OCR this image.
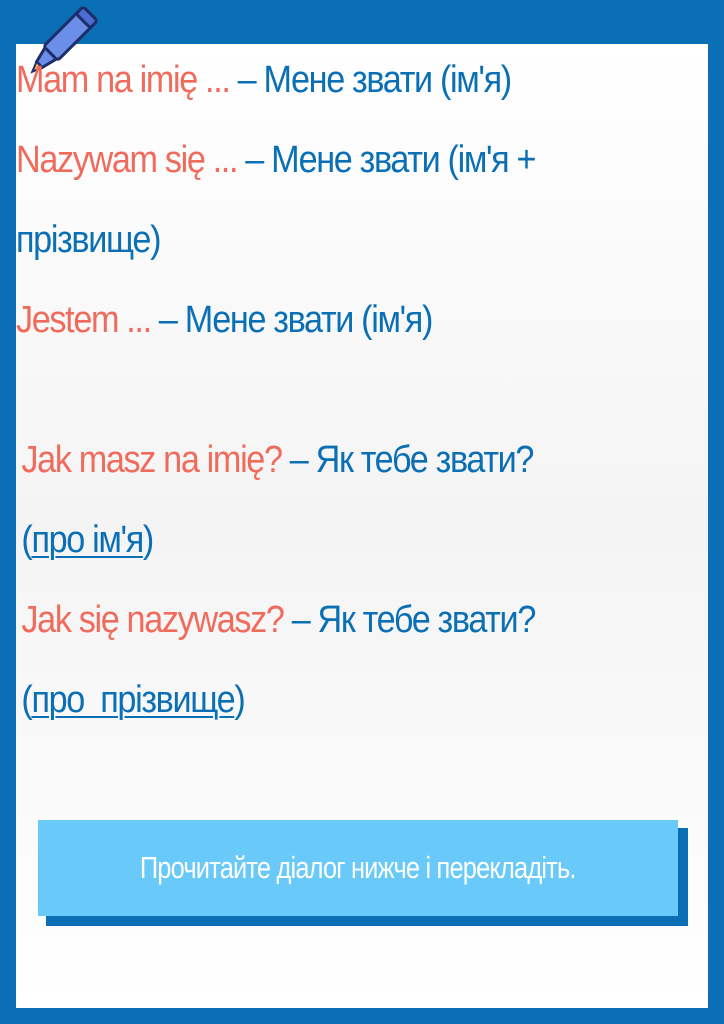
Mam na imię ... – Мене звати (ім'я)
Nazywam się ... – Мене звати (ім'я +
прізвище)
Jestem ... – Мене звати (ім'я)
Jak masz na imię? – Як тебе звати?
(про ім'я)
Jak się nazywasz? – Як тебе звати?
(про  прізвище)
Прочитайте діалог нижче і перекладіть.
